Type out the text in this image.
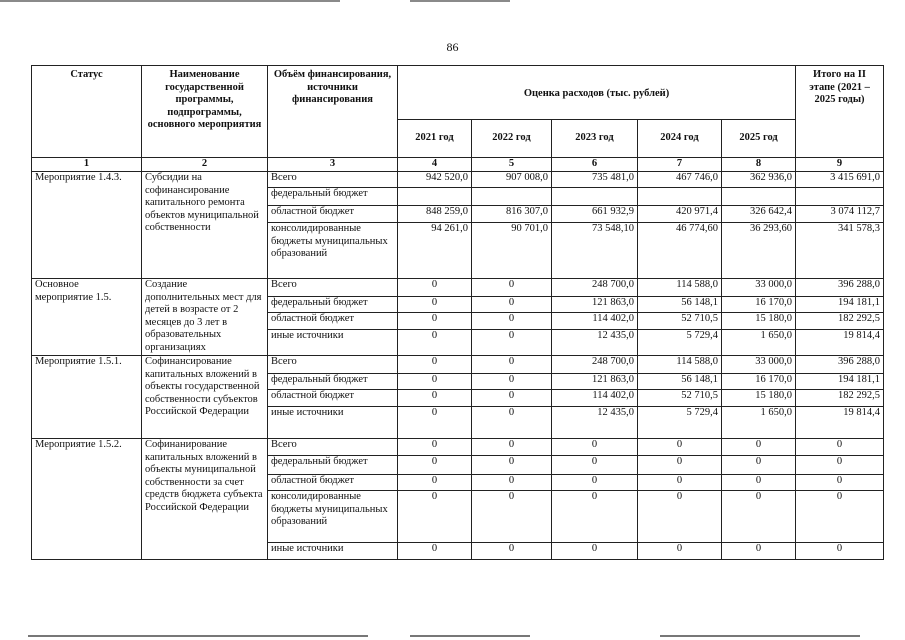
86
Статус	Наименование государственной программы, подпрограммы, основного мероприятия	Объём финансирования, источники финансирования	Оценка расходов (тыс. рублей)					Итого на II этапе (2021 – 2025 годы)
			2021 год	2022 год	2023 год	2024 год	2025 год	
1	2	3	4	5	6	7	8	9
Мероприятие 1.4.3.	Субсидии на софинансирование капитального ремонта объектов муниципальной собственности	Всего	942 520,0	907 008,0	735 481,0	467 746,0	362 936,0	3 415 691,0
		федеральный бюджет						
		областной бюджет	848 259,0	816 307,0	661 932,9	420 971,4	326 642,4	3 074 112,7
		консолидированные бюджеты муниципальных образований	94 261,0	90 701,0	73 548,10	46 774,60	36 293,60	341 578,3
Основное мероприятие 1.5.	Создание дополнительных мест для детей в возрасте от 2 месяцев до 3 лет в образовательных организациях	Всего	0	0	248 700,0	114 588,0	33 000,0	396 288,0
		федеральный бюджет	0	0	121 863,0	56 148,1	16 170,0	194 181,1
		областной бюджет	0	0	114 402,0	52 710,5	15 180,0	182 292,5
		иные источники	0	0	12 435,0	5 729,4	1 650,0	19 814,4
Мероприятие 1.5.1.	Софинансирование капитальных вложений в объекты государственной собственности субъектов Российской Федерации	Всего	0	0	248 700,0	114 588,0	33 000,0	396 288,0
		федеральный бюджет	0	0	121 863,0	56 148,1	16 170,0	194 181,1
		областной бюджет	0	0	114 402,0	52 710,5	15 180,0	182 292,5
		иные источники	0	0	12 435,0	5 729,4	1 650,0	19 814,4
Мероприятие 1.5.2.	Софинанирование капитальных вложений в объекты муниципальной собственности за счет средств бюджета субъекта Российской Федерации	Всего	0	0	0	0	0	0
		федеральный бюджет	0	0	0	0	0	0
		областной бюджет	0	0	0	0	0	0
		консолидированные бюджеты муниципальных образований	0	0	0	0	0	0
		иные источники	0	0	0	0	0	0
